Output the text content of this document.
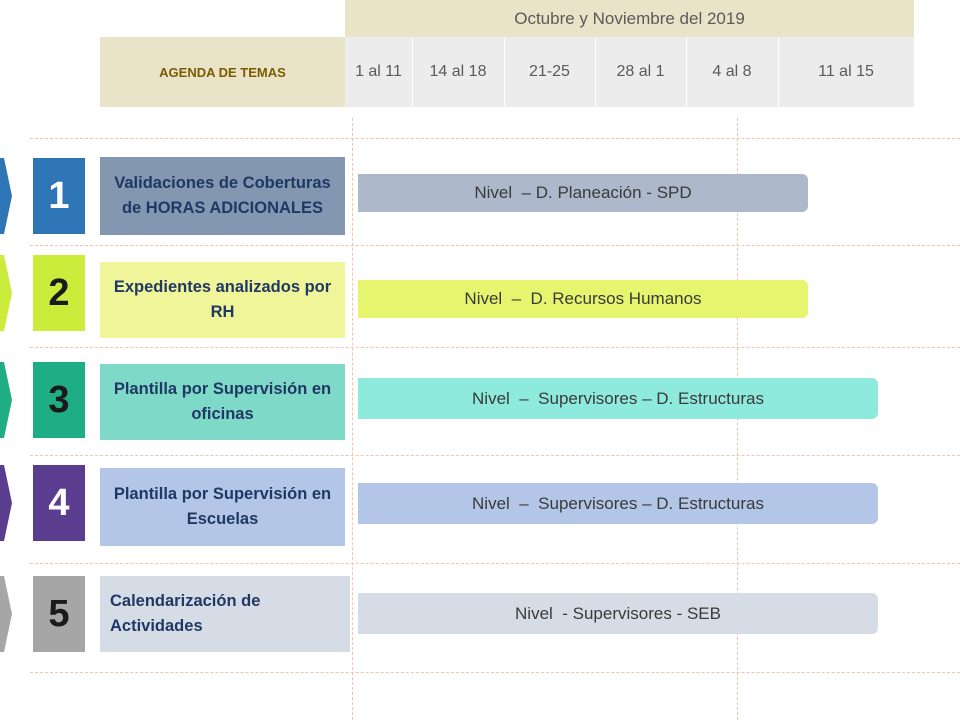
Octubre y Noviembre del 2019
AGENDA DE TEMAS	1 al 11	14 al 18	21-25	28 al 1	4 al 8	11 al 15
1	Validaciones de Coberturas de HORAS ADICIONALES
Nivel  – D. Planeación - SPD
2	Expedientes analizados por RH
Nivel  –  D. Recursos Humanos
3	Plantilla por Supervisión en oficinas
Nivel  –  Supervisores – D. Estructuras
4	Plantilla por Supervisión en Escuelas
Nivel  –  Supervisores – D. Estructuras
5	Calendarización de Actividades
Nivel  - Supervisores - SEB
